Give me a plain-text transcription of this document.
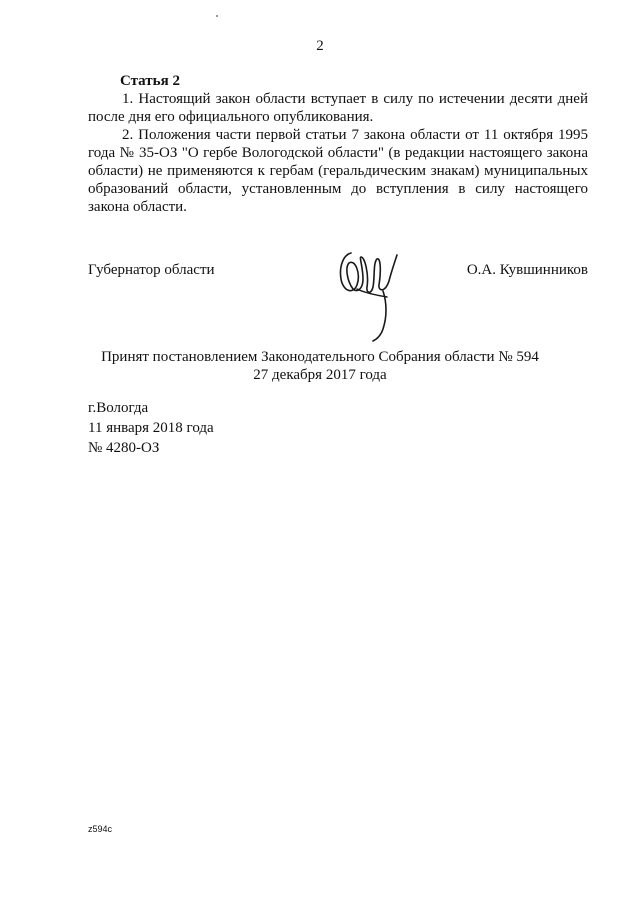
2
Статья 2

1. Настоящий закон области вступает в силу по истечении десяти дней после дня его официального опубликования.

2. Положения части первой статьи 7 закона области от 11 октября 1995 года № 35-ОЗ "О гербе Вологодской области" (в редакции настоящего закона области) не применяются к гербам (геральдическим знакам) муниципальных образований области, установленным до вступления в силу настоящего закона области.

Губернатор области	О.А. Кувшинников
Принят постановлением Законодательного Собрания области № 594
27 декабря 2017 года
г.Вологда
11 января 2018 года
№ 4280-ОЗ
z594c
